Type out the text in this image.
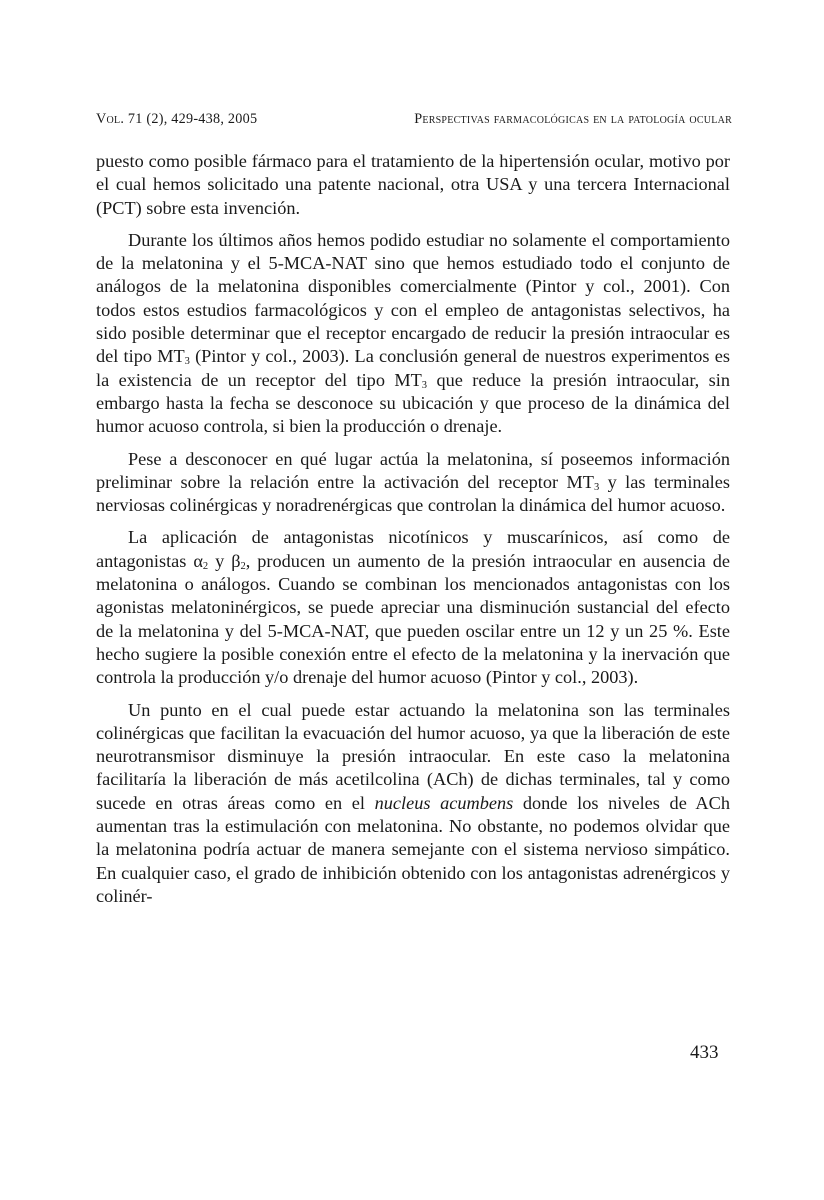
Vol. 71 (2), 429-438, 2005	Perspectivas farmacológicas en la patología ocular

puesto como posible fármaco para el tratamiento de la hipertensión ocular, motivo por el cual hemos solicitado una patente nacional, otra USA y una tercera Internacional (PCT) sobre esta invención.

Durante los últimos años hemos podido estudiar no solamente el comportamiento de la melatonina y el 5-MCA-NAT sino que hemos estudiado todo el conjunto de análogos de la melatonina disponibles comercialmente (Pintor y col., 2001). Con todos estos estudios farmacológicos y con el empleo de antagonistas selectivos, ha sido posible determinar que el receptor encargado de reducir la presión intraocular es del tipo $MT_3$ (Pintor y col., 2003). La conclusión general de nuestros experimentos es la existencia de un receptor del tipo $MT_3$ que reduce la presión intraocular, sin embargo hasta la fecha se desconoce su ubicación y que proceso de la dinámica del humor acuoso controla, si bien la producción o drenaje.

Pese a desconocer en qué lugar actúa la melatonina, sí poseemos información preliminar sobre la relación entre la activación del receptor $MT_3$ y las terminales nerviosas colinérgicas y noradrenérgicas que controlan la dinámica del humor acuoso.

La aplicación de antagonistas nicotínicos y muscarínicos, así como de antagonistas $\alpha_2$ y $\beta_2$, producen un aumento de la presión intraocular en ausencia de melatonina o análogos. Cuando se combinan los mencionados antagonistas con los agonistas melatoninérgicos, se puede apreciar una disminución sustancial del efecto de la melatonina y del 5-MCA-NAT, que pueden oscilar entre un 12 y un 25 %. Este hecho sugiere la posible conexión entre el efecto de la melatonina y la inervación que controla la producción y/o drenaje del humor acuoso (Pintor y col., 2003).

Un punto en el cual puede estar actuando la melatonina son las terminales colinérgicas que facilitan la evacuación del humor acuoso, ya que la liberación de este neurotransmisor disminuye la presión intraocular. En este caso la melatonina facilitaría la liberación de más acetilcolina (ACh) de dichas terminales, tal y como sucede en otras áreas como en el nucleus acumbens donde los niveles de ACh aumentan tras la estimulación con melatonina. No obstante, no podemos olvidar que la melatonina podría actuar de manera semejante con el sistema nervioso simpático. En cualquier caso, el grado de inhibición obtenido con los antagonistas adrenérgicos y colinér-

433
